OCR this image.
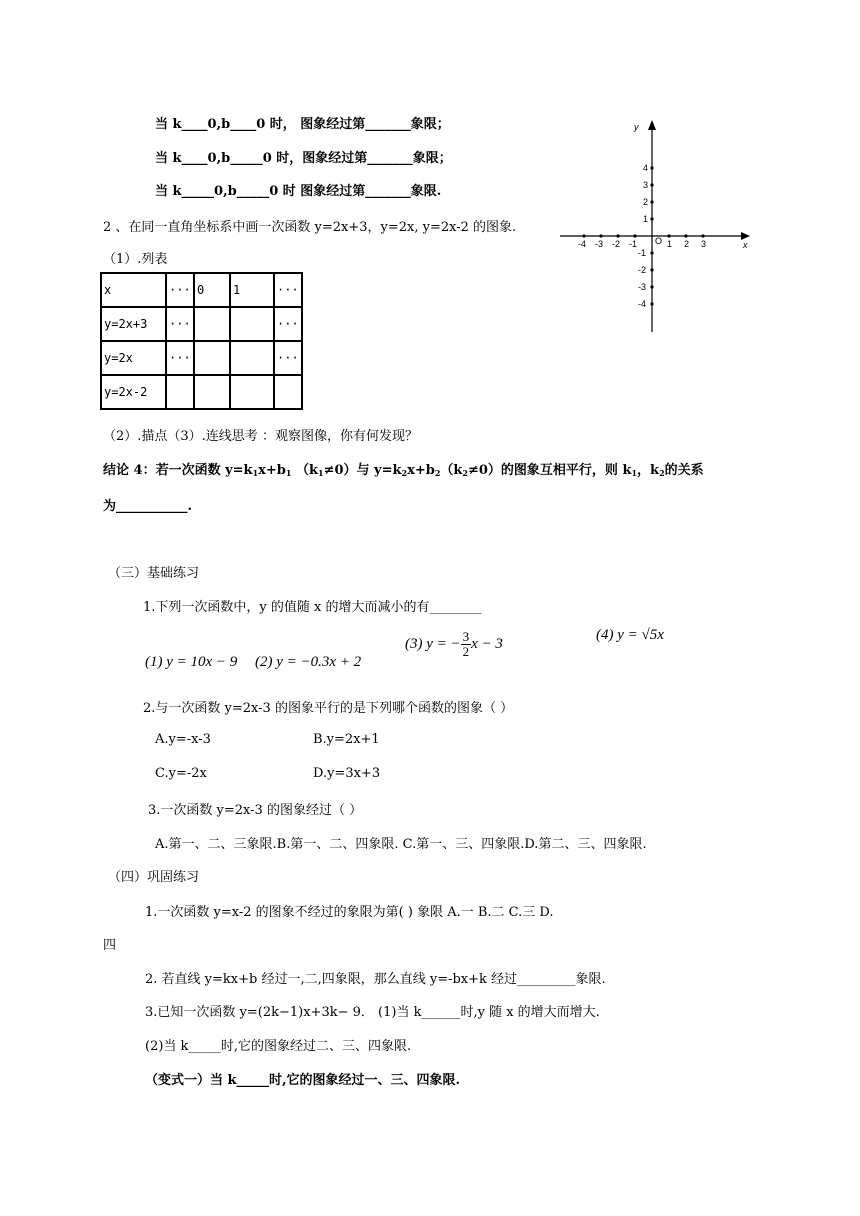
当 k____0,b____0 时， 图象经过第_______象限；
当 k____0,b_____0 时，图象经过第_______象限；
当 k_____0,b_____0 时 图象经过第_______象限.
2 、在同一直角坐标系中画一次函数 y=2x+3，y=2x, y=2x-2 的图象.
（1）.列表
y
x
O
-4 -3 -2 -1	1 2 3
4
3
2
1
-1
-2
-3
-4
x	···	0	1	···
y=2x+3	···			···
y=2x	···			···
y=2x-2				
（2）.描点（3）.连线思考 ：观察图像，你有何发现？
结论 4：若一次函数 $y=k_1x+b_1$ $(k_1\ne 0)$与 $y=k_2x+b_2(k_2\ne 0)$的图象互相平行，则 $k_1$，$k_2$的关系
为___________.
（三）基础练习
1.下列一次函数中，y 的值随 x 的增大而减小的有________
(3) y = − $\frac{3}{2}$ x − 3
(4) y = √5x
(1) y = 10x − 9 (2) y = −0.3x + 2
2.与一次函数 y=2x-3 的图象平行的是下列哪个函数的图象（ ）
A.y=-x-3	B.y=2x+1
C.y=-2x	D.y=3x+3
3.一次函数 y=2x-3 的图象经过（ ）
A.第一、二、三象限.B.第一、二、四象限. C.第一、三、四象限.D.第二、三、四象限.
（四）巩固练习
1.一次函数 y=x-2 的图象不经过的象限为第( ) 象限 A.一 B.二 C.三 D.
四
2. 若直线 y=kx+b 经过一,二,四象限，那么直线 y=-bx+k 经过_________象限.
3.已知一次函数 y=(2k−1)x+3k− 9． (1)当 k______时,y 随 x 的增大而增大.
(2)当 k_____时,它的图象经过二、三、四象限.
（变式一）当 k_____时,它的图象经过一、三、四象限.
